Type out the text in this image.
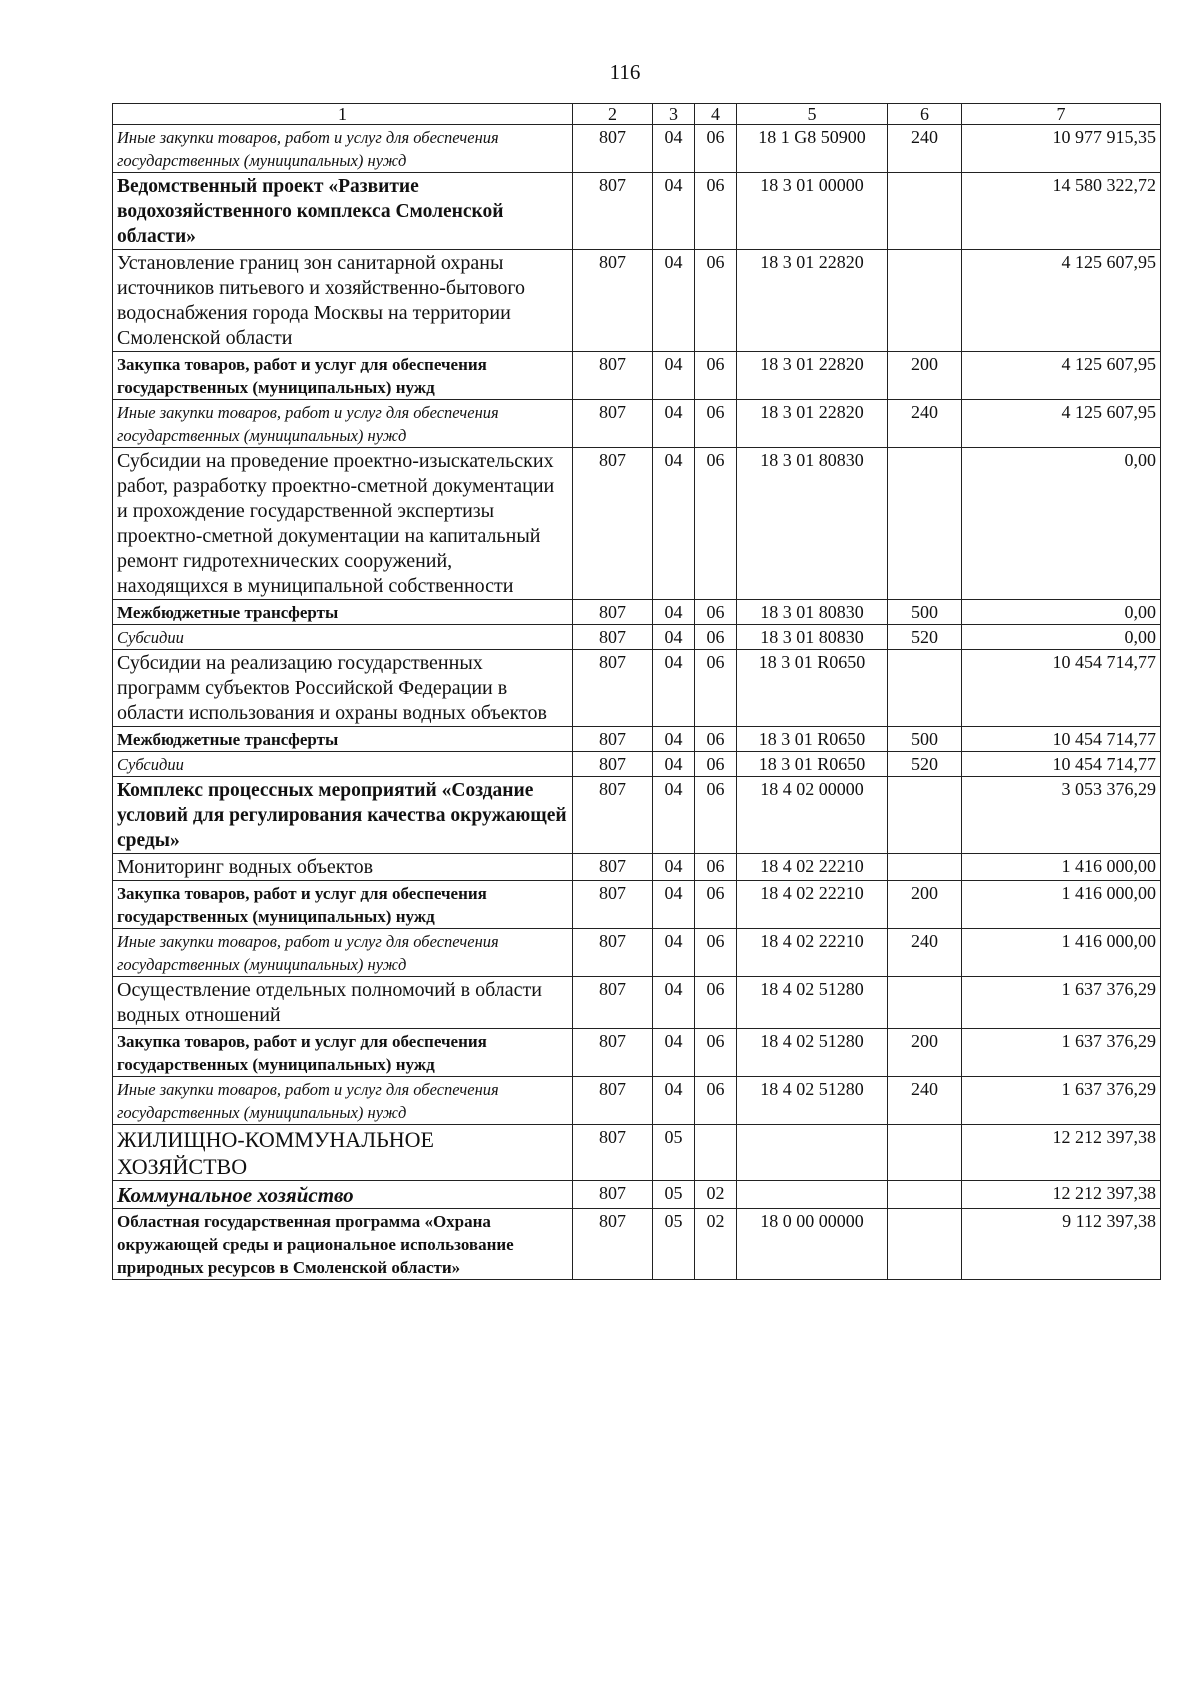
116
1	2	3	4	5	6	7
Иные закупки товаров, работ и услуг для обеспечения государственных (муниципальных) нужд	807	04	06	18 1 G8 50900	240	10 977 915,35
Ведомственный проект «Развитие водохозяйственного комплекса Смоленской области»	807	04	06	18 3 01 00000		14 580 322,72
Установление границ зон санитарной охраны источников питьевого и хозяйственно-бытового водоснабжения города Москвы на территории Смоленской области	807	04	06	18 3 01 22820		4 125 607,95
Закупка товаров, работ и услуг для обеспечения государственных (муниципальных) нужд	807	04	06	18 3 01 22820	200	4 125 607,95
Иные закупки товаров, работ и услуг для обеспечения государственных (муниципальных) нужд	807	04	06	18 3 01 22820	240	4 125 607,95
Субсидии на проведение проектно-изыскательских работ, разработку проектно-сметной документации и прохождение государственной экспертизы проектно-сметной документации на капитальный ремонт гидротехнических сооружений, находящихся в муниципальной собственности	807	04	06	18 3 01 80830		0,00
Межбюджетные трансферты	807	04	06	18 3 01 80830	500	0,00
Субсидии	807	04	06	18 3 01 80830	520	0,00
Субсидии на реализацию государственных программ субъектов Российской Федерации в области использования и охраны водных объектов	807	04	06	18 3 01 R0650		10 454 714,77
Межбюджетные трансферты	807	04	06	18 3 01 R0650	500	10 454 714,77
Субсидии	807	04	06	18 3 01 R0650	520	10 454 714,77
Комплекс процессных мероприятий «Создание условий для регулирования качества окружающей среды»	807	04	06	18 4 02 00000		3 053 376,29
Мониторинг водных объектов	807	04	06	18 4 02 22210		1 416 000,00
Закупка товаров, работ и услуг для обеспечения государственных (муниципальных) нужд	807	04	06	18 4 02 22210	200	1 416 000,00
Иные закупки товаров, работ и услуг для обеспечения государственных (муниципальных) нужд	807	04	06	18 4 02 22210	240	1 416 000,00
Осуществление отдельных полномочий в области водных отношений	807	04	06	18 4 02 51280		1 637 376,29
Закупка товаров, работ и услуг для обеспечения государственных (муниципальных) нужд	807	04	06	18 4 02 51280	200	1 637 376,29
Иные закупки товаров, работ и услуг для обеспечения государственных (муниципальных) нужд	807	04	06	18 4 02 51280	240	1 637 376,29
ЖИЛИЩНО-КОММУНАЛЬНОЕ ХОЗЯЙСТВО	807	05				12 212 397,38
Коммунальное хозяйство	807	05	02			12 212 397,38
Областная государственная программа «Охрана окружающей среды и рациональное использование природных ресурсов в Смоленской области»	807	05	02	18 0 00 00000		9 112 397,38
